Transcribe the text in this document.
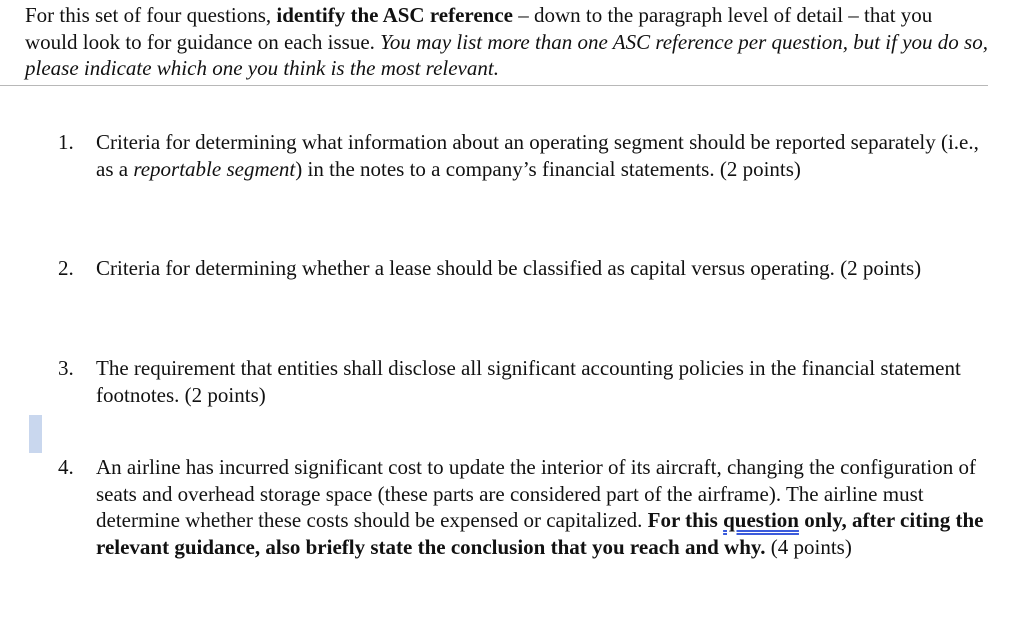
For this set of four questions, identify the ASC reference – down to the paragraph level of detail – that you would look to for guidance on each issue. You may list more than one ASC reference per question, but if you do so, please indicate which one you think is the most relevant.

1.	Criteria for determining what information about an operating segment should be reported separately (i.e., as a reportable segment) in the notes to a company’s financial statements. (2 points)
2.	Criteria for determining whether a lease should be classified as capital versus operating. (2 points)
3.	The requirement that entities shall disclose all significant accounting policies in the financial statement footnotes. (2 points)
4.	An airline has incurred significant cost to update the interior of its aircraft, changing the configuration of seats and overhead storage space (these parts are considered part of the airframe). The airline must determine whether these costs should be expensed or capitalized. For this question only, after citing the relevant guidance, also briefly state the conclusion that you reach and why. (4 points)
